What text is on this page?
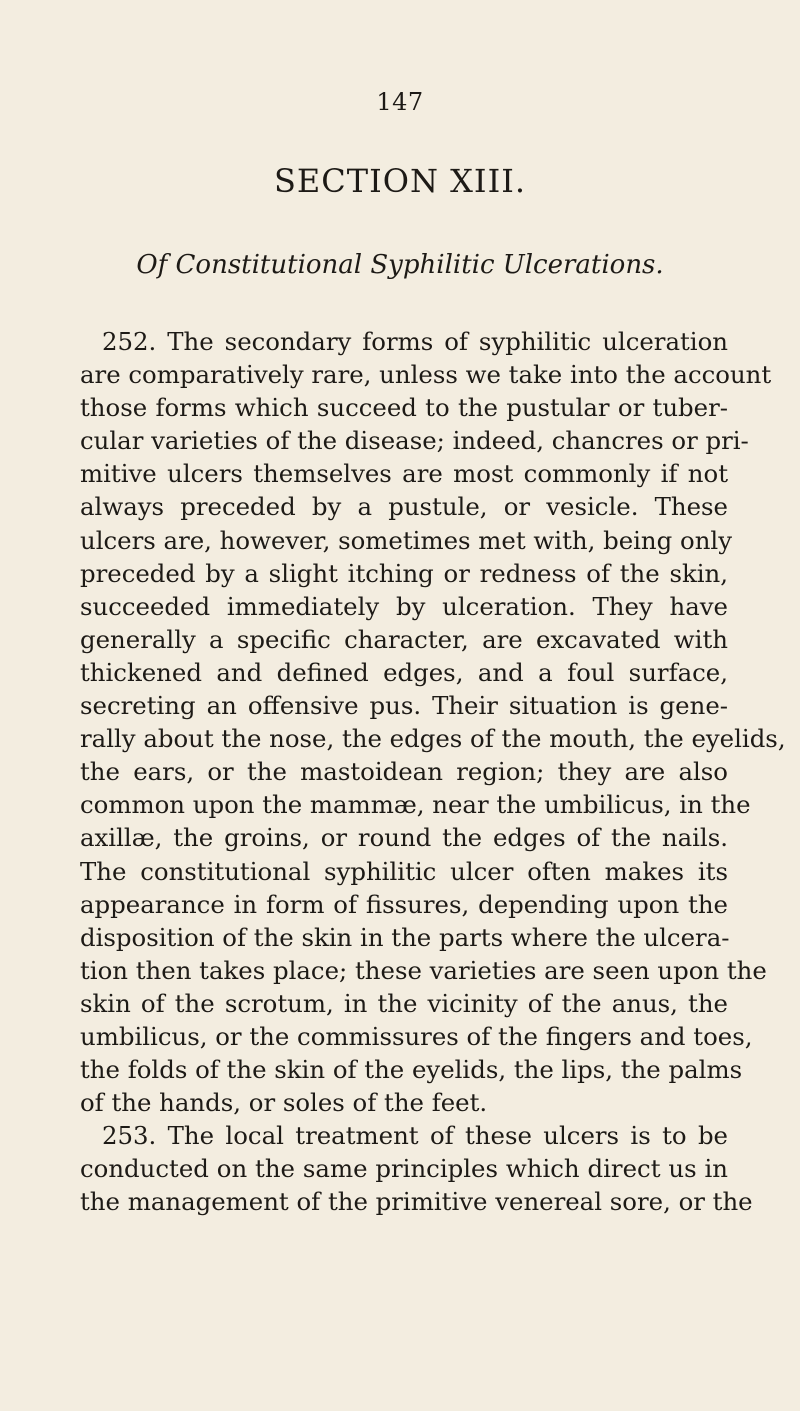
147
SECTION XIII.
Of Constitutional Syphilitic Ulcerations.
252. The secondary forms of syphilitic ulceration
are comparatively rare, unless we take into the account
those forms which succeed to the pustular or tuber-
cular varieties of the disease; indeed, chancres or pri-
mitive ulcers themselves are most commonly if not
always preceded by a pustule, or vesicle. These
ulcers are, however, sometimes met with, being only
preceded by a slight itching or redness of the skin,
succeeded immediately by ulceration. They have
generally a specific character, are excavated with
thickened and defined edges, and a foul surface,
secreting an offensive pus. Their situation is gene-
rally about the nose, the edges of the mouth, the eyelids,
the ears, or the mastoidean region; they are also
common upon the mammæ, near the umbilicus, in the
axillæ, the groins, or round the edges of the nails.
The constitutional syphilitic ulcer often makes its
appearance in form of fissures, depending upon the
disposition of the skin in the parts where the ulcera-
tion then takes place; these varieties are seen upon the
skin of the scrotum, in the vicinity of the anus, the
umbilicus, or the commissures of the fingers and toes,
the folds of the skin of the eyelids, the lips, the palms
of the hands, or soles of the feet.
253. The local treatment of these ulcers is to be
conducted on the same principles which direct us in
the management of the primitive venereal sore, or the
